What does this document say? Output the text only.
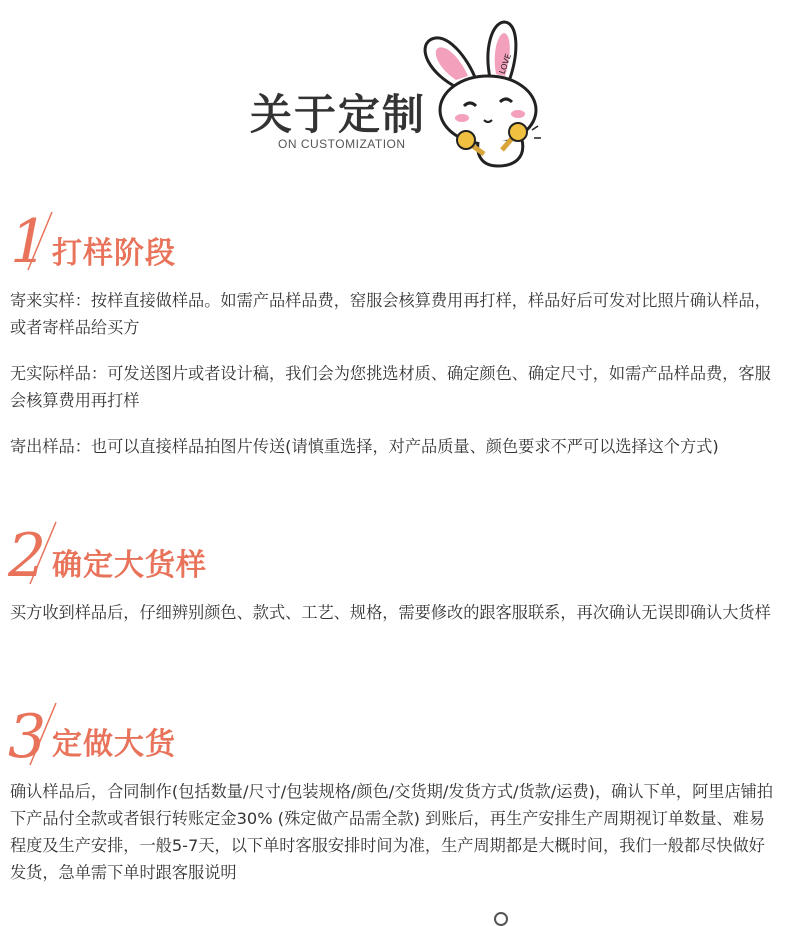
关于定制
ON CUSTOMIZATION
LOVE
1 打样阶段

寄来实样：按样直接做样品。如需产品样品费，窑服会核算费用再打样，样品好后可发对比照片确认样品，或者寄样品给买方

无实际样品：可发送图片或者设计稿，我们会为您挑选材质、确定颜色、确定尺寸，如需产品样品费，客服会核算费用再打样

寄出样品：也可以直接样品拍图片传送(请慎重选择，对产品质量、颜色要求不严可以选择这个方式)

2 确定大货样

买方收到样品后，仔细辨别颜色、款式、工艺、规格，需要修改的跟客服联系，再次确认无误即确认大货样

3 定做大货

确认样品后，合同制作(包括数量/尺寸/包装规格/颜色/交货期/发货方式/货款/运费)，确认下单，阿里店铺拍下产品付全款或者银行转账定金30% (殊定做产品需全款) 到账后，再生产安排生产周期视订单数量、难易程度及生产安排，一般5-7天，以下单时客服安排时间为准，生产周期都是大概时间，我们一般都尽快做好发货，急单需下单时跟客服说明
